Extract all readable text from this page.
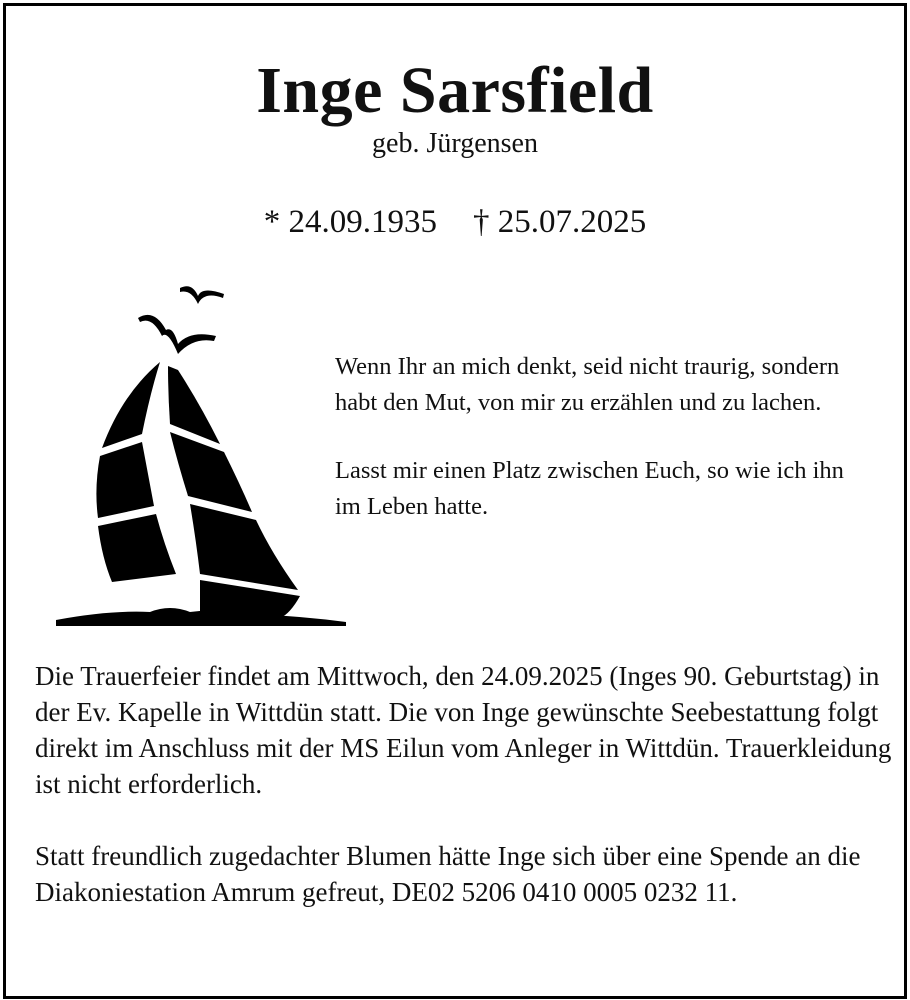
Inge Sarsfield
geb. Jürgensen
* 24.09.1935 † 25.07.2025

Wenn Ihr an mich denkt, seid nicht traurig, sondern habt den Mut, von mir zu erzählen und zu lachen.

Lasst mir einen Platz zwischen Euch, so wie ich ihn im Leben hatte.

Die Trauerfeier findet am Mittwoch, den 24.09.2025 (Inges 90. Geburtstag) in der Ev. Kapelle in Wittdün statt. Die von Inge gewünschte Seebestattung folgt direkt im Anschluss mit der MS Eilun vom Anleger in Wittdün. Trauerkleidung ist nicht erforderlich.

Statt freundlich zugedachter Blumen hätte Inge sich über eine Spende an die Diakoniestation Amrum gefreut, DE02 5206 0410 0005 0232 11.
